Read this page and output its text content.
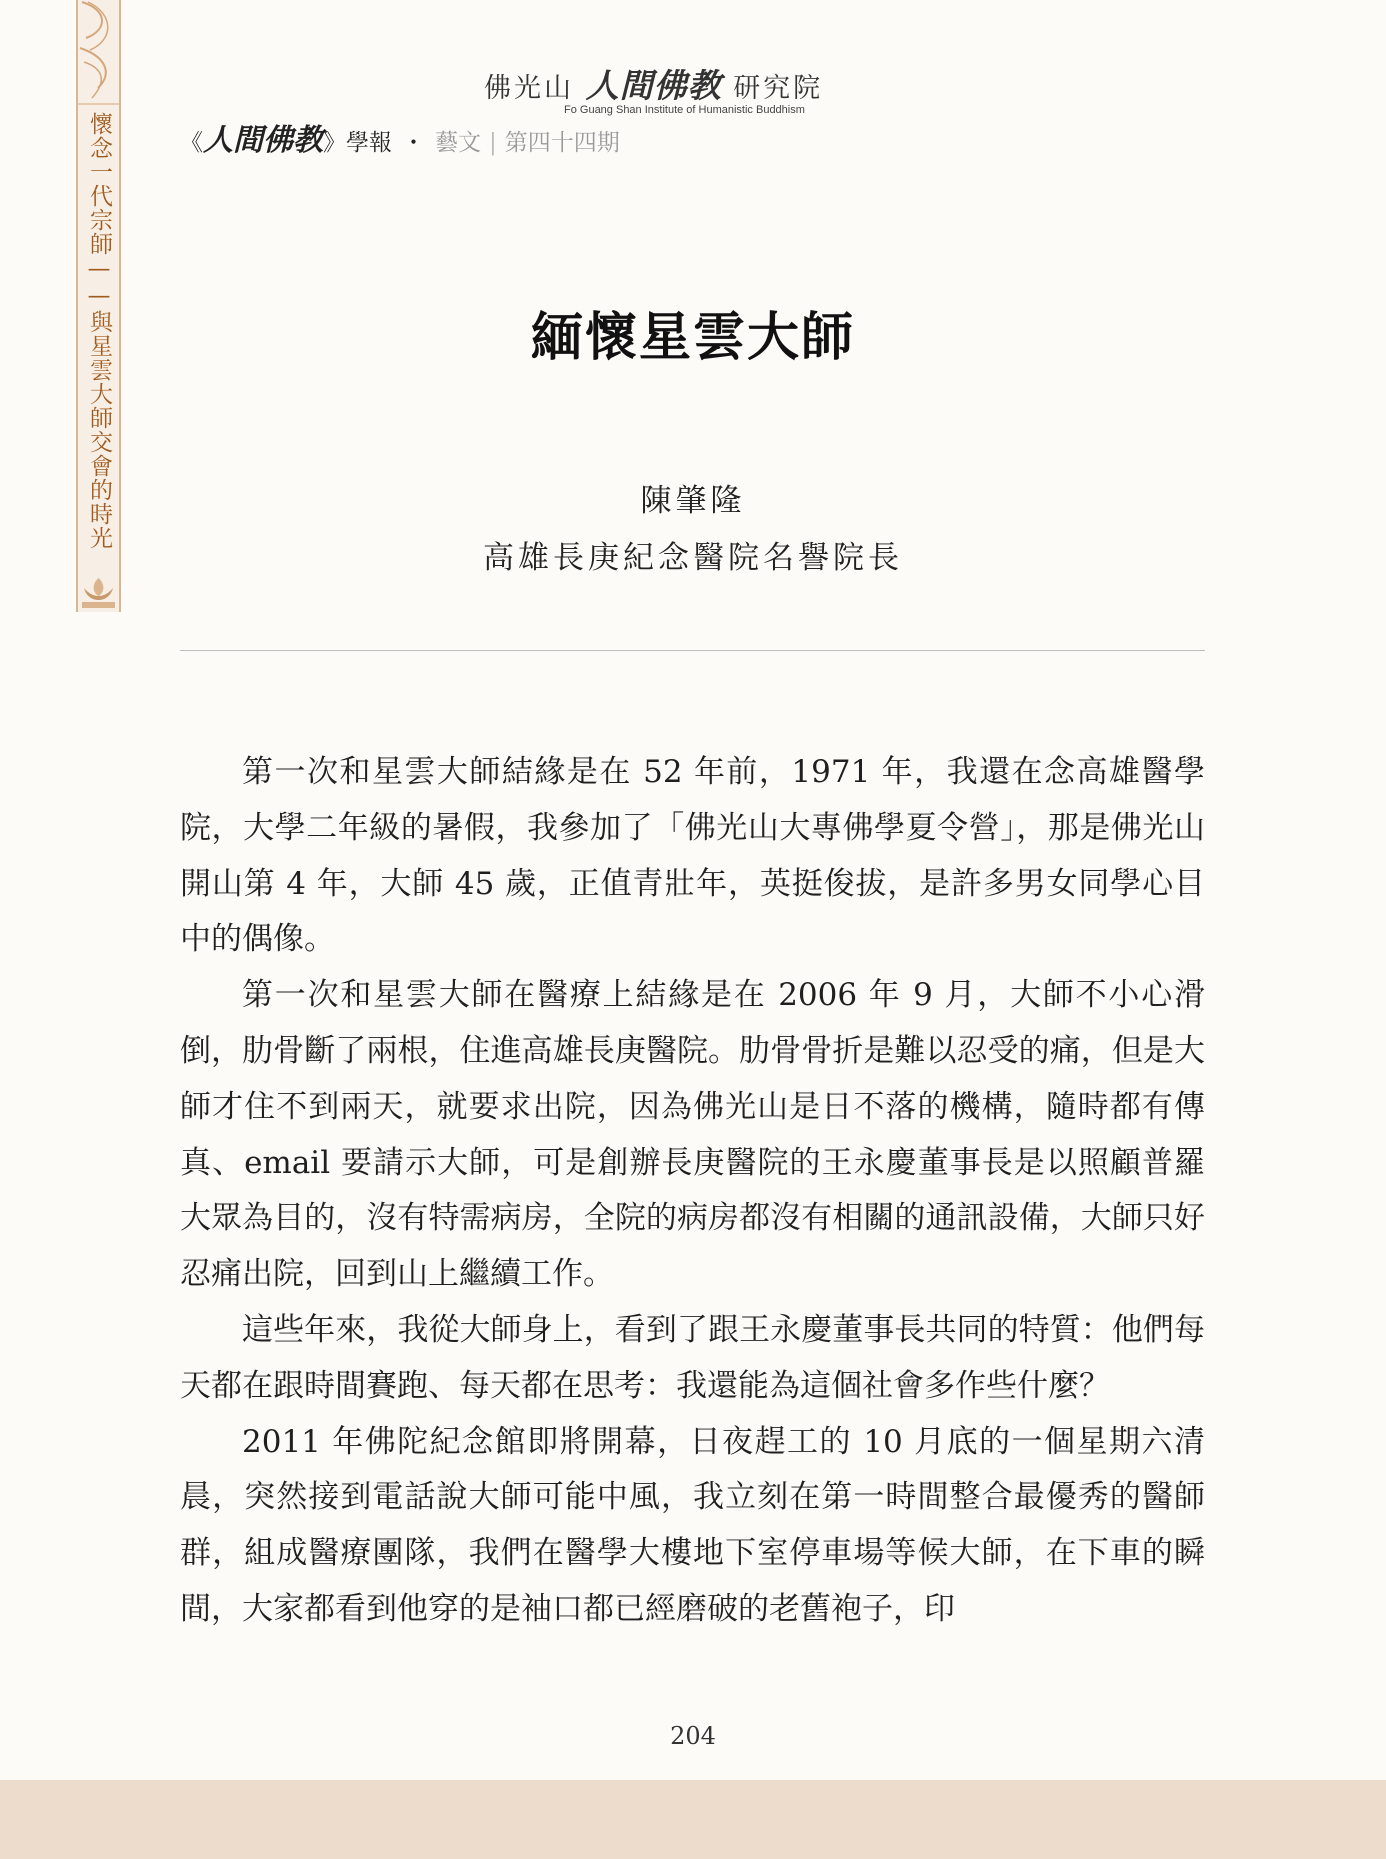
懷念一代宗師——與星雲大師交會的時光
佛光山 人間佛教 研究院
Fo Guang Shan Institute of Humanistic Buddhism
《人間佛教》學報 ・ 藝文 | 第四十四期
緬懷星雲大師
陳肇隆
高雄長庚紀念醫院名譽院長

第一次和星雲大師結緣是在 52 年前，1971 年，我還在念高雄醫學院，大學二年級的暑假，我參加了「佛光山大專佛學夏令營」，那是佛光山開山第 4 年，大師 45 歲，正值青壯年，英挺俊拔，是許多男女同學心目中的偶像。

第一次和星雲大師在醫療上結緣是在 2006 年 9 月，大師不小心滑倒，肋骨斷了兩根，住進高雄長庚醫院。肋骨骨折是難以忍受的痛，但是大師才住不到兩天，就要求出院，因為佛光山是日不落的機構，隨時都有傳真、email 要請示大師，可是創辦長庚醫院的王永慶董事長是以照顧普羅大眾為目的，沒有特需病房，全院的病房都沒有相關的通訊設備，大師只好忍痛出院，回到山上繼續工作。

這些年來，我從大師身上，看到了跟王永慶董事長共同的特質：他們每天都在跟時間賽跑、每天都在思考：我還能為這個社會多作些什麼？

2011 年佛陀紀念館即將開幕，日夜趕工的 10 月底的一個星期六清晨，突然接到電話說大師可能中風，我立刻在第一時間整合最優秀的醫師群，組成醫療團隊，我們在醫學大樓地下室停車場等候大師，在下車的瞬間，大家都看到他穿的是袖口都已經磨破的老舊袍子，印

204
